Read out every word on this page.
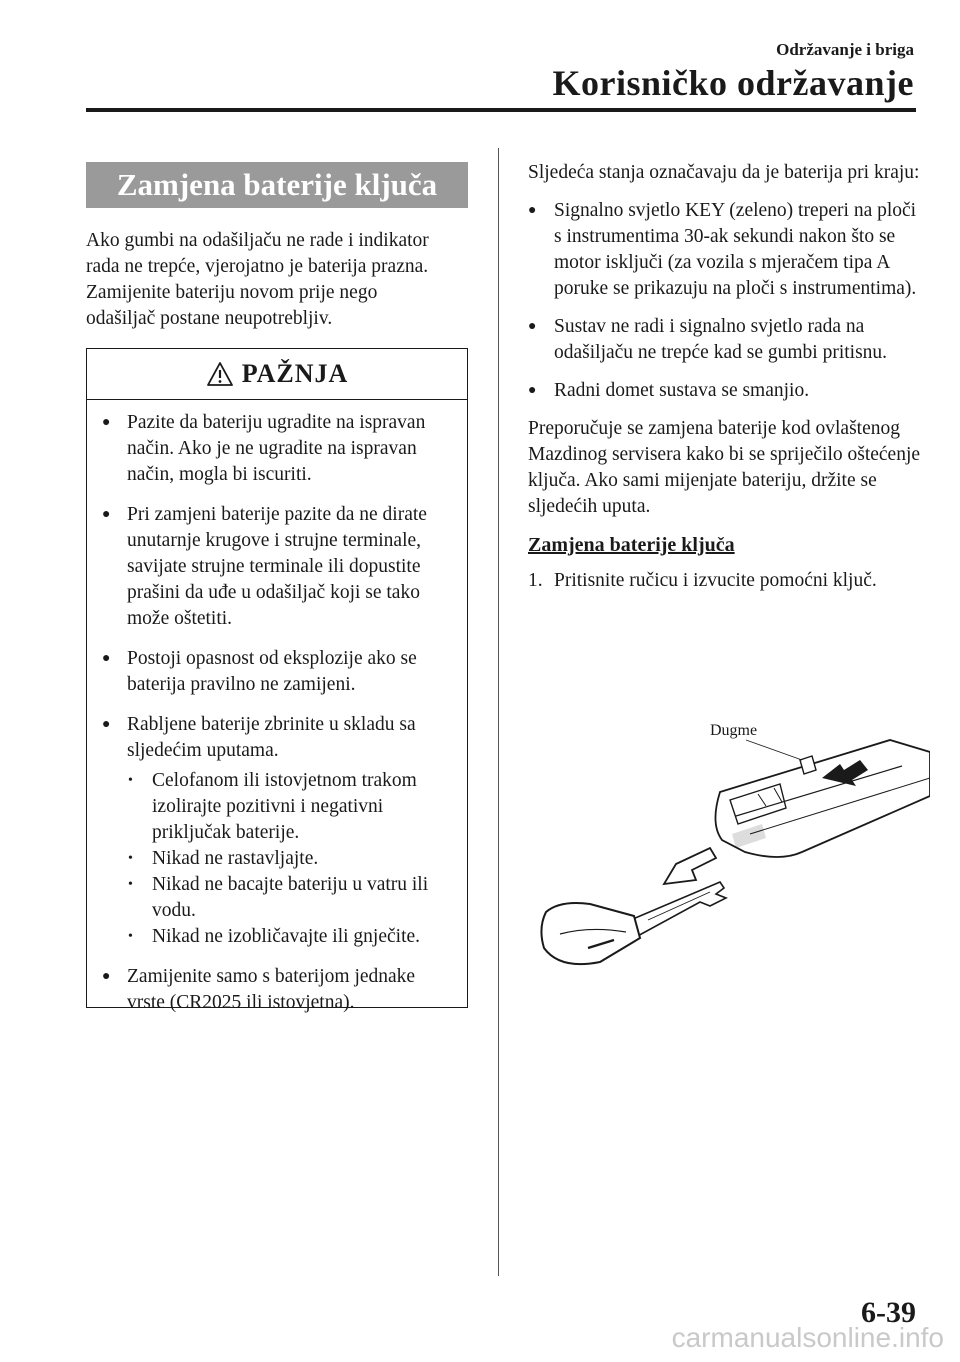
Održavanje i briga
Korisničko održavanje
Zamjena baterije ključa

Ako gumbi na odašiljaču ne rade i indikator

rada ne trepće, vjerojatno je baterija prazna.

Zamijenite bateriju novom prije nego

odašiljač postane neupotrebljiv.

PAŽNJA
● Pazite da bateriju ugradite na ispravan način. Ako je ne ugradite na ispravan način, mogla bi iscuriti.
● Pri zamjeni baterije pazite da ne dirate unutarnje krugove i strujne terminale, savijate strujne terminale ili dopustite prašini da uđe u odašiljač koji se tako može oštetiti.
● Postoji opasnost od eksplozije ako se baterija pravilno ne zamijeni.
● Rabljene baterije zbrinite u skladu sa sljedećim uputama.
• Celofanom ili istovjetnom trakom izolirajte pozitivni i negativni priključak baterije.
• Nikad ne rastavljajte.
• Nikad ne bacajte bateriju u vatru ili vodu.
• Nikad ne izobličavajte ili gnječite.
● Zamijenite samo s baterijom jednake vrste (CR2025 ili istovjetna).

Sljedeća stanja označavaju da je baterija pri kraju:

● Signalno svjetlo KEY (zeleno) treperi na ploči s instrumentima 30-ak sekundi nakon što se motor isključi (za vozila s mjeračem tipa A poruke se prikazuju na ploči s instrumentima).
● Sustav ne radi i signalno svjetlo rada na odašiljaču ne trepće kad se gumbi pritisnu.
● Radni domet sustava se smanjio.

Preporučuje se zamjena baterije kod ovlaštenog Mazdinog servisera kako bi se spriječilo oštećenje ključa. Ako sami mijenjate bateriju, držite se sljedećih uputa.

Zamjena baterije ključa
1. Pritisnite ručicu i izvucite pomoćni ključ.
Dugme
6-39
carmanualsonline.info
